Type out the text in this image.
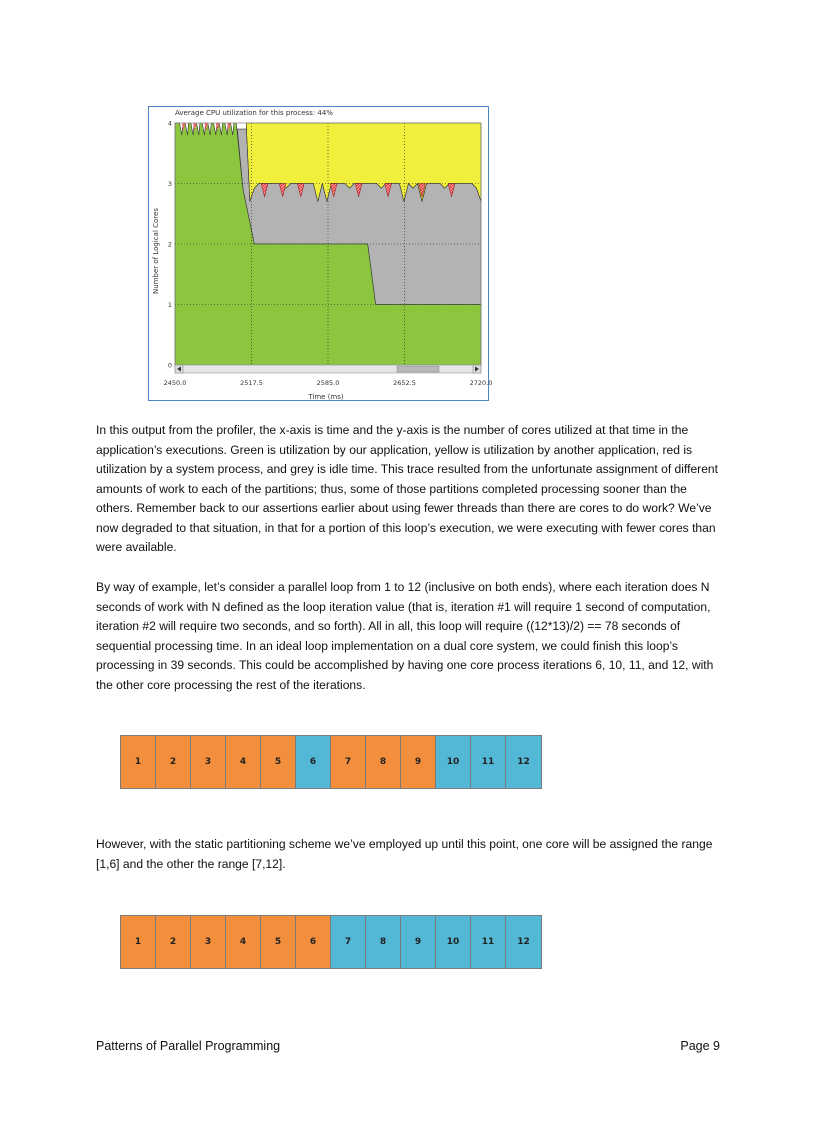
Average CPU utilization for this process: 44%
0
1
2
3
4
2450.0	2517.5	2585.0	2652.5	2720.0
Number of Logical Cores
Time (ms)

In this output from the profiler, the x-axis is time and the y-axis is the number of cores utilized at that time in the application’s executions. Green is utilization by our application, yellow is utilization by another application, red is utilization by a system process, and grey is idle time. This trace resulted from the unfortunate assignment of different amounts of work to each of the partitions; thus, some of those partitions completed processing sooner than the others. Remember back to our assertions earlier about using fewer threads than there are cores to do work? We’ve now degraded to that situation, in that for a portion of this loop’s execution, we were executing with fewer cores than were available.

By way of example, let’s consider a parallel loop from 1 to 12 (inclusive on both ends), where each iteration does N seconds of work with N defined as the loop iteration value (that is, iteration #1 will require 1 second of computation, iteration #2 will require two seconds, and so forth). All in all, this loop will require ((12*13)/2) == 78 seconds of sequential processing time. In an ideal loop implementation on a dual core system, we could finish this loop’s processing in 39 seconds. This could be accomplished by having one core process iterations 6, 10, 11, and 12, with the other core processing the rest of the iterations.

1	2	3	4	5	6	7	8	9	10	11	12

However, with the static partitioning scheme we’ve employed up until this point, one core will be assigned the range [1,6] and the other the range [7,12].

1	2	3	4	5	6	7	8	9	10	11	12
Patterns of Parallel Programming	Page 9
